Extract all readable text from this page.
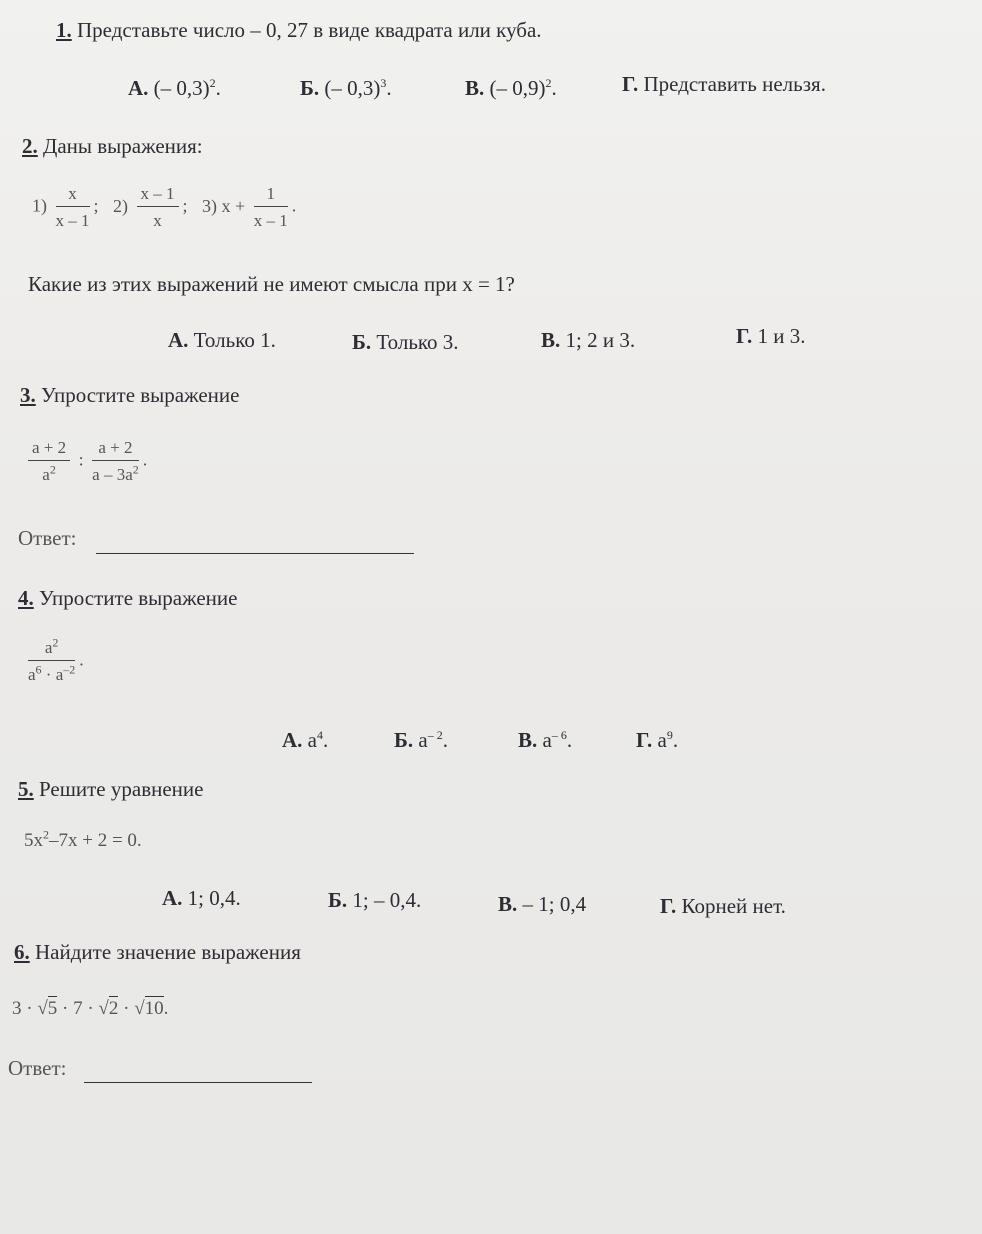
1. Представьте число – 0, 27 в виде квадрата или куба.
А. (– 0,3)$^2$.	Б. (– 0,3)$^3$.	В. (– 0,9)$^2$.	Г. Представить нельзя.
2. Даны выражения:
$1) \frac{x}{x - 1}$ ; $2) \frac{x - 1}{x}$ ; 3) $x + \frac{1}{x - 1}$ .
Какие из этих выражений не имеют смысла при x = 1?
А. Только 1.	Б. Только 3.	В. 1; 2 и 3.	Г. 1 и 3.
3. Упростите выражение
$\frac{a + 2}{a^2}$ : $\frac{a + 2}{a - 3a^2}$ .
Ответ:
4. Упростите выражение
$\frac{a^2}{a^6 \cdot a^{-2}}$ .
А. $a^4$.	Б. $a^{- 2}$.	В. $a^{- 6}$.	Г. $a^9$.
5. Решите уравнение
$5x^2-7x + 2 = 0$.
А. 1; 0,4.	Б. 1; – 0,4.	В. – 1; 0,4	Г. Корней нет.
6. Найдите значение выражения
3 · √5 · 7 · √2 · √10.
Ответ:
